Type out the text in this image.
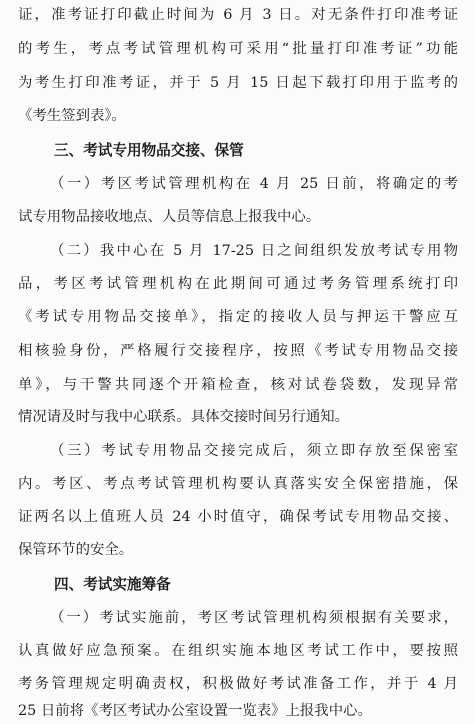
证，准考证打印截止时间为 6 月 3 日。对无条件打印准考证
的考生，考点考试管理机构可采用“批量打印准考证”功能
为考生打印准考证，并于 5 月 15 日起下载打印用于监考的
《考生签到表》。
三、考试专用物品交接、保管
（一）考区考试管理机构在 4 月 25 日前，将确定的考
试专用物品接收地点、人员等信息上报我中心。
（二）我中心在 5 月 17-25 日之间组织发放考试专用物
品，考区考试管理机构在此期间可通过考务管理系统打印
《考试专用物品交接单》，指定的接收人员与押运干警应互
相核验身份，严格履行交接程序，按照《考试专用物品交接
单》，与干警共同逐个开箱检查，核对试卷袋数，发现异常
情况请及时与我中心联系。具体交接时间另行通知。
（三）考试专用物品交接完成后，须立即存放至保密室
内。考区、考点考试管理机构要认真落实安全保密措施，保
证两名以上值班人员 24 小时值守，确保考试专用物品交接、
保管环节的安全。
四、考试实施筹备
（一）考试实施前，考区考试管理机构须根据有关要求，
认真做好应急预案。在组织实施本地区考试工作中，要按照
考务管理规定明确责权，积极做好考试准备工作，并于 4 月
25 日前将《考区考试办公室设置一览表》上报我中心。
